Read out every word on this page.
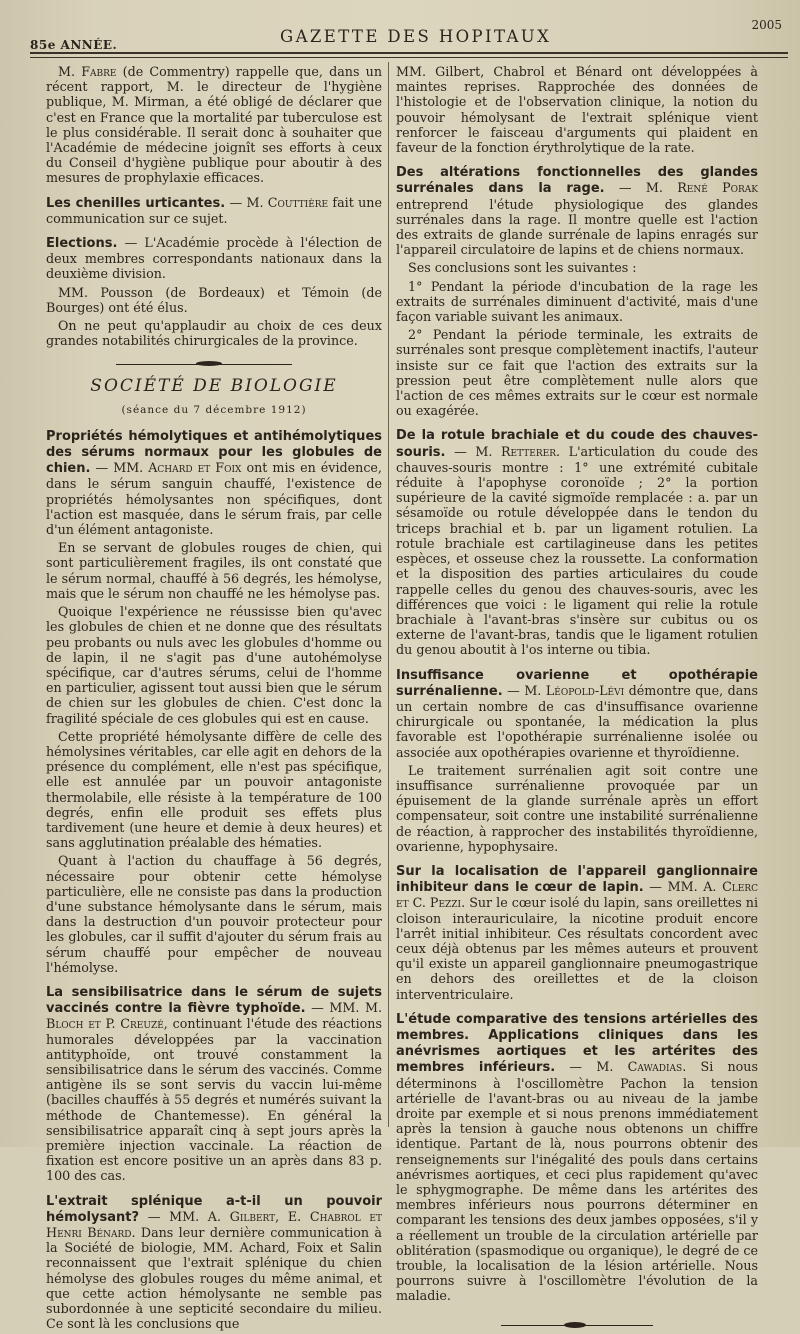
85e ANNÉE.	GAZETTE DES HOPITAUX
2005

M. Fabre (de Commentry) rappelle que, dans un récent rapport, M. le directeur de l'hygiène publique, M. Mirman, a été obligé de déclarer que c'est en France que la mortalité par tuberculose est le plus considérable. Il serait donc à souhaiter que l'Académie de médecine joignît ses efforts à ceux du Conseil d'hygiène publique pour aboutir à des mesures de prophylaxie efficaces.

Les chenilles urticantes. — M. Couttière fait une communication sur ce sujet.

Elections. — L'Académie procède à l'élection de deux membres correspondants nationaux dans la deuxième division.

MM. Pousson (de Bordeaux) et Témoin (de Bourges) ont été élus.

On ne peut qu'applaudir au choix de ces deux grandes notabilités chirurgicales de la province.

SOCIÉTÉ DE BIOLOGIE
(séance du 7 décembre 1912)

Propriétés hémolytiques et antihémolytiques des sérums normaux pour les globules de chien. — MM. Achard et Foix ont mis en évidence, dans le sérum sanguin chauffé, l'existence de propriétés hémolysantes non spécifiques, dont l'action est masquée, dans le sérum frais, par celle d'un élément antagoniste.

En se servant de globules rouges de chien, qui sont particulièrement fragiles, ils ont constaté que le sérum normal, chauffé à 56 degrés, les hémolyse, mais que le sérum non chauffé ne les hémolyse pas.

Quoique l'expérience ne réussisse bien qu'avec les globules de chien et ne donne que des résultats peu probants ou nuls avec les globules d'homme ou de lapin, il ne s'agit pas d'une autohémolyse spécifique, car d'autres sérums, celui de l'homme en particulier, agissent tout aussi bien que le sérum de chien sur les globules de chien. C'est donc la fragilité spéciale de ces globules qui est en cause.

Cette propriété hémolysante diffère de celle des hémolysines véritables, car elle agit en dehors de la présence du complément, elle n'est pas spécifique, elle est annulée par un pouvoir antagoniste thermolabile, elle résiste à la température de 100 degrés, enfin elle produit ses effets plus tardivement (une heure et demie à deux heures) et sans agglutination préalable des hématies.

Quant à l'action du chauffage à 56 degrés, nécessaire pour obtenir cette hémolyse particulière, elle ne consiste pas dans la production d'une substance hémolysante dans le sérum, mais dans la destruction d'un pouvoir protecteur pour les globules, car il suffit d'ajouter du sérum frais au sérum chauffé pour empêcher de nouveau l'hémolyse.

La sensibilisatrice dans le sérum de sujets vaccinés contre la fièvre typhoïde. — MM. M. Bloch et P. Creuzé, continuant l'étude des réactions humorales développées par la vaccination antityphoïde, ont trouvé constamment la sensibilisatrice dans le sérum des vaccinés. Comme antigène ils se sont servis du vaccin lui-même (bacilles chauffés à 55 degrés et numérés suivant la méthode de Chantemesse). En général la sensibilisatrice apparaît cinq à sept jours après la première injection vaccinale. La réaction de fixation est encore positive un an après dans 83 p. 100 des cas.

L'extrait splénique a-t-il un pouvoir hémolysant? — MM. A. Gilbert, E. Chabrol et Henri Bénard. Dans leur dernière communication à la Société de biologie, MM. Achard, Foix et Salin reconnaissent que l'extrait splénique du chien hémolyse des globules rouges du même animal, et que cette action hémolysante ne semble pas subordonnée à une septicité secondaire du milieu. Ce sont là les conclusions que

MM. Gilbert, Chabrol et Bénard ont développées à maintes reprises. Rapprochée des données de l'histologie et de l'observation clinique, la notion du pouvoir hémolysant de l'extrait splénique vient renforcer le faisceau d'arguments qui plaident en faveur de la fonction érythrolytique de la rate.

Des altérations fonctionnelles des glandes surrénales dans la rage. — M. René Porak entreprend l'étude physiologique des glandes surrénales dans la rage. Il montre quelle est l'action des extraits de glande surrénale de lapins enragés sur l'appareil circulatoire de lapins et de chiens normaux.

Ses conclusions sont les suivantes :

1° Pendant la période d'incubation de la rage les extraits de surrénales diminuent d'activité, mais d'une façon variable suivant les animaux.

2° Pendant la période terminale, les extraits de surrénales sont presque complètement inactifs, l'auteur insiste sur ce fait que l'action des extraits sur la pression peut être complètement nulle alors que l'action de ces mêmes extraits sur le cœur est normale ou exagérée.

De la rotule brachiale et du coude des chauves-souris. — M. Retterer. L'articulation du coude des chauves-souris montre : 1° une extrémité cubitale réduite à l'apophyse coronoïde ; 2° la portion supérieure de la cavité sigmoïde remplacée : a. par un sésamoïde ou rotule développée dans le tendon du triceps brachial et b. par un ligament rotulien. La rotule brachiale est cartilagineuse dans les petites espèces, et osseuse chez la roussette. La conformation et la disposition des parties articulaires du coude rappelle celles du genou des chauves-souris, avec les différences que voici : le ligament qui relie la rotule brachiale à l'avant-bras s'insère sur cubitus ou os externe de l'avant-bras, tandis que le ligament rotulien du genou aboutit à l'os interne ou tibia.

Insuffisance ovarienne et opothérapie surrénalienne. — M. Léopold-Lévi démontre que, dans un certain nombre de cas d'insuffisance ovarienne chirurgicale ou spontanée, la médication la plus favorable est l'opothérapie surrénalienne isolée ou associée aux opothérapies ovarienne et thyroïdienne.

Le traitement surrénalien agit soit contre une insuffisance surrénalienne provoquée par un épuisement de la glande surrénale après un effort compensateur, soit contre une instabilité surrénalienne de réaction, à rapprocher des instabilités thyroïdienne, ovarienne, hypophysaire.

Sur la localisation de l'appareil ganglionnaire inhibiteur dans le cœur de lapin. — MM. A. Clerc et C. Pezzi. Sur le cœur isolé du lapin, sans oreillettes ni cloison interauriculaire, la nicotine produit encore l'arrêt initial inhibiteur. Ces résultats concordent avec ceux déjà obtenus par les mêmes auteurs et prouvent qu'il existe un appareil ganglionnaire pneumogastrique en dehors des oreillettes et de la cloison interventriculaire.

L'étude comparative des tensions artérielles des membres. Applications cliniques dans les anévrismes aortiques et les artérites des membres inférieurs. — M. Cawadias. Si nous déterminons à l'oscillomètre Pachon la tension artérielle de l'avant-bras ou au niveau de la jambe droite par exemple et si nous prenons immédiatement après la tension à gauche nous obtenons un chiffre identique. Partant de là, nous pourrons obtenir des renseignements sur l'inégalité des pouls dans certains anévrismes aortiques, et ceci plus rapidement qu'avec le sphygmographe. De même dans les artérites des membres inférieurs nous pourrons déterminer en comparant les tensions des deux jambes opposées, s'il y a réellement un trouble de la circulation artérielle par oblitération (spasmodique ou organique), le degré de ce trouble, la localisation de la lésion artérielle. Nous pourrons suivre à l'oscillomètre l'évolution de la maladie.
